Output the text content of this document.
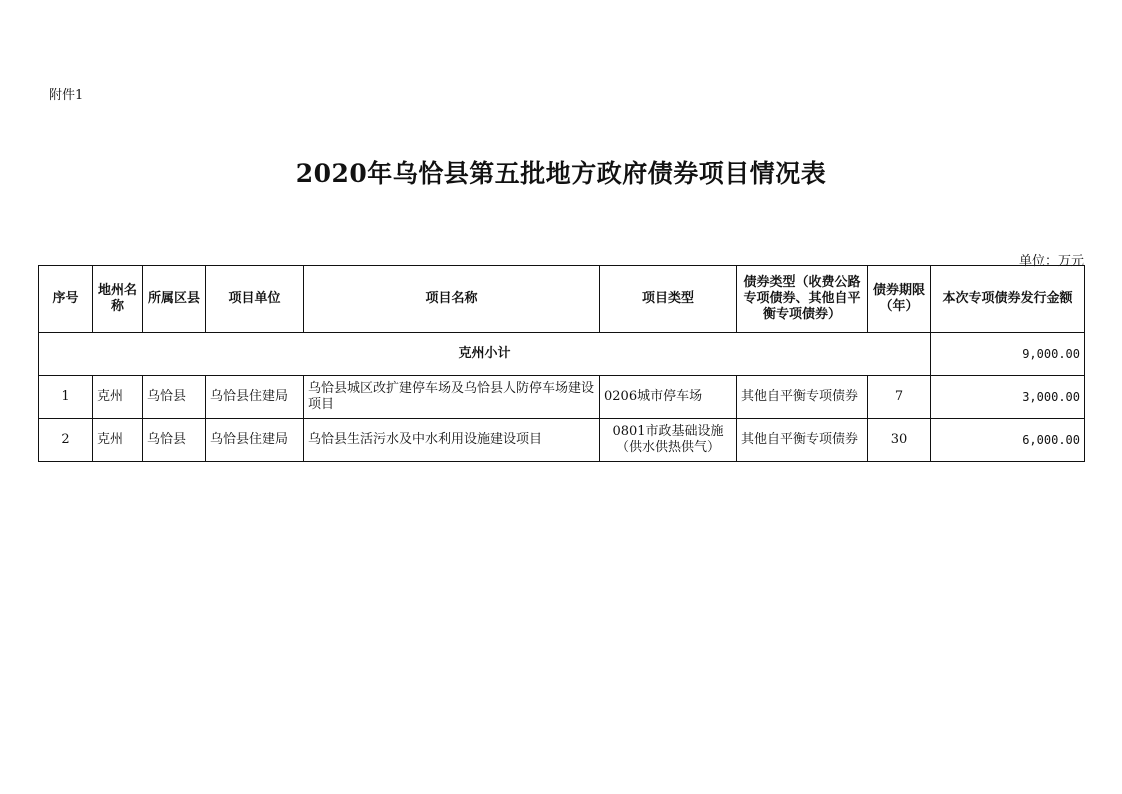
附件1
2020年乌恰县第五批地方政府债券项目情况表
单位：万元
序号	地州名称	所属区县	项目单位	项目名称	项目类型	债券类型（收费公路专项债券、其他自平衡专项债券）	债券期限（年）	本次专项债券发行金额
克州小计								9,000.00
1	克州	乌恰县	乌恰县住建局	乌恰县城区改扩建停车场及乌恰县人防停车场建设项目	0206城市停车场	其他自平衡专项债券	7	3,000.00
2	克州	乌恰县	乌恰县住建局	乌恰县生活污水及中水利用设施建设项目	0801市政基础设施（供水供热供气）	其他自平衡专项债券	30	6,000.00
